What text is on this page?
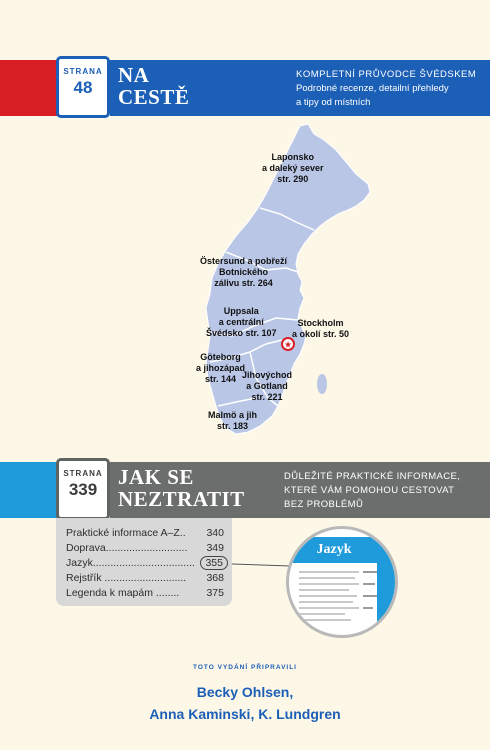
STRANA
48
NA
CESTĚ
KOMPLETNÍ PRŮVODCE ŠVÉDSKEM
Podrobné recenze, detailní přehledy
a tipy od místních
★
Laponsko
a daleký sever
str. 290
Östersund a pobřeží
Botnického
zálivu str. 264
Uppsala
a centrální
Švédsko str. 107
Stockholm
a okolí str. 50
Göteborg
a jihozápad
str. 144 Jihovýchod
a Gotland
str. 221
Malmö a jih
str. 183
STRANA
339
JAK SE
NEZTRATIT
DŮLEŽITÉ PRAKTICKÉ INFORMACE,
KTERÉ VÁM POMOHOU CESTOVAT
BEZ PROBLÉMŮ
Praktické informace A–Z.. 340
Doprava............................ 349
Jazyk...................................	355
Rejstřík ............................ 368
Legenda k mapám ........	375
Jazyk
TOTO VYDÁNÍ PŘIPRAVILI
Becky Ohlsen,
Anna Kaminski, K. Lundgren
